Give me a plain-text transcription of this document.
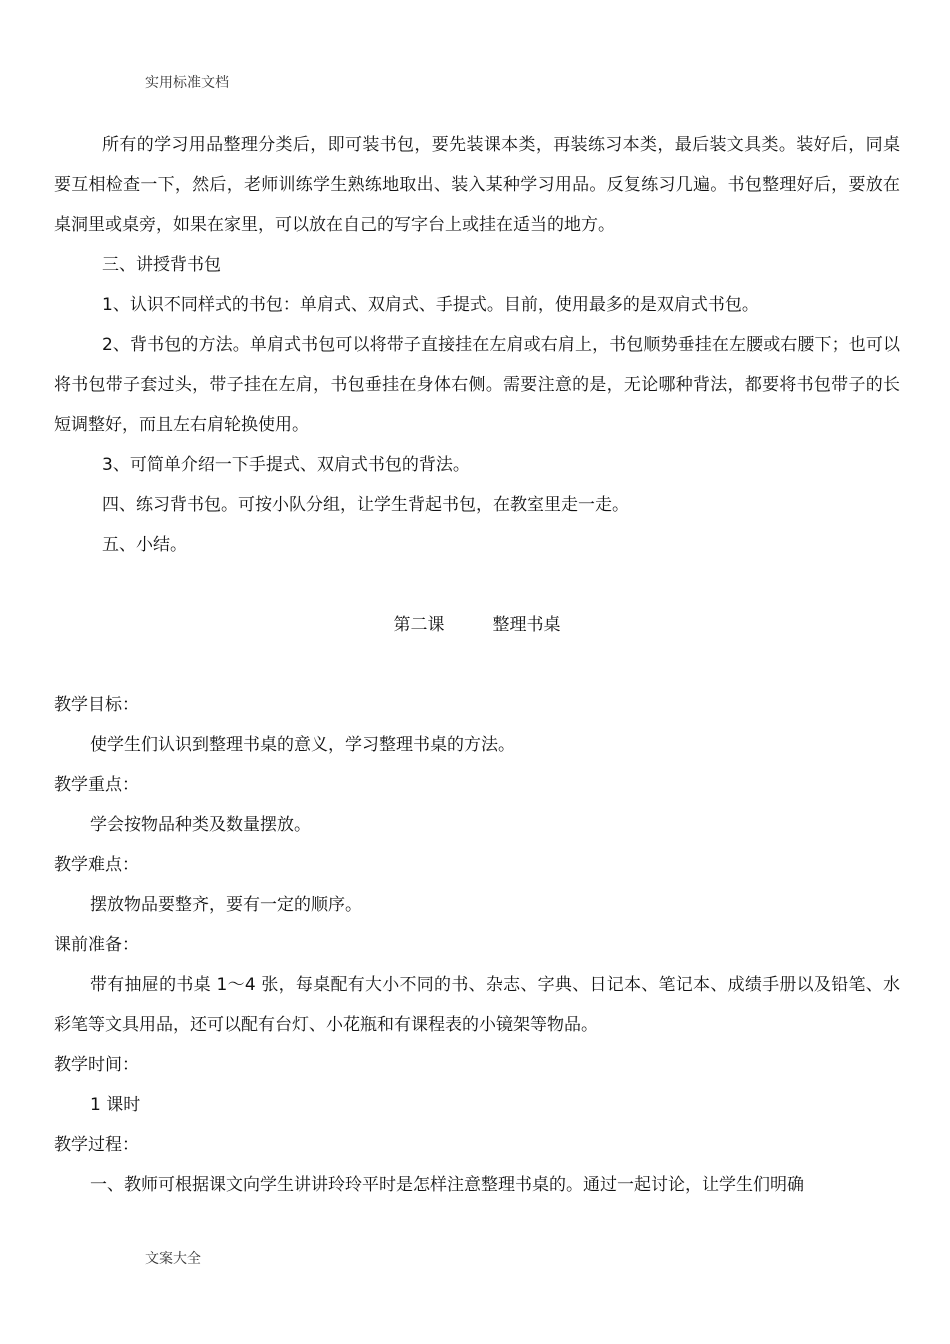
实用标准文档

所有的学习用品整理分类后，即可装书包，要先装课本类，再装练习本类，最后装文具类。装好后，同桌要互相检查一下，然后，老师训练学生熟练地取出、装入某种学习用品。反复练习几遍。书包整理好后，要放在桌洞里或桌旁，如果在家里，可以放在自己的写字台上或挂在适当的地方。

三、讲授背书包

1、认识不同样式的书包：单肩式、双肩式、手提式。目前，使用最多的是双肩式书包。

2、背书包的方法。单肩式书包可以将带子直接挂在左肩或右肩上，书包顺势垂挂在左腰或右腰下；也可以将书包带子套过头，带子挂在左肩，书包垂挂在身体右侧。需要注意的是，无论哪种背法，都要将书包带子的长短调整好，而且左右肩轮换使用。

3、可简单介绍一下手提式、双肩式书包的背法。

四、练习背书包。可按小队分组，让学生背起书包，在教室里走一走。

五、小结。

第二课	整理书桌

教学目标：

使学生们认识到整理书桌的意义，学习整理书桌的方法。

教学重点：

学会按物品种类及数量摆放。

教学难点：

摆放物品要整齐，要有一定的顺序。

课前准备：

带有抽屉的书桌 1～4 张，每桌配有大小不同的书、杂志、字典、日记本、笔记本、成绩手册以及铅笔、水彩笔等文具用品，还可以配有台灯、小花瓶和有课程表的小镜架等物品。

教学时间：

1 课时

教学过程：

一、教师可根据课文向学生讲讲玲玲平时是怎样注意整理书桌的。通过一起讨论，让学生们明确

文案大全
